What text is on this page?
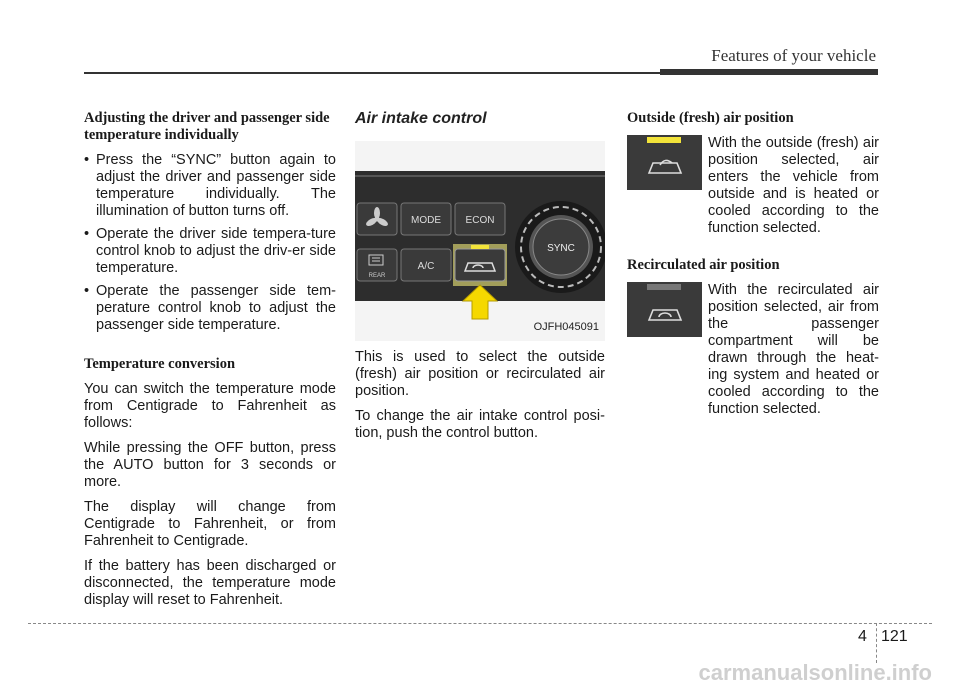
Features of your vehicle
Adjusting the driver and passenger side temperature individually
• Press the “SYNC” button again to adjust the driver and passenger side temperature individually. The illumination of button turns off.
• Operate the driver side tempera-ture control knob to adjust the driv-er side temperature.
• Operate the passenger side tem-perature control knob to adjust the passenger side temperature.
Temperature conversion

You can switch the temperature mode from Centigrade to Fahrenheit as follows:

While pressing the OFF button, press the AUTO button for 3 seconds or more.

The display will change from Centigrade to Fahrenheit, or from Fahrenheit to Centigrade.

If the battery has been discharged or disconnected, the temperature mode display will reset to Fahrenheit.

Air intake control
MODE ECON
REAR
A/C
SYNC
OJFH045091

This is used to select the outside (fresh) air position or recirculated air position.

To change the air intake control posi-tion, push the control button.

Outside (fresh) air position
With the outside (fresh) air position selected, air enters the vehicle from outside and is heated or cooled according to the function selected.
Recirculated air position
With the recirculated air position selected, air from the passenger compartment will be drawn through the heat-ing system and heated or cooled according to the function selected.
4 121
carmanualsonline.info
